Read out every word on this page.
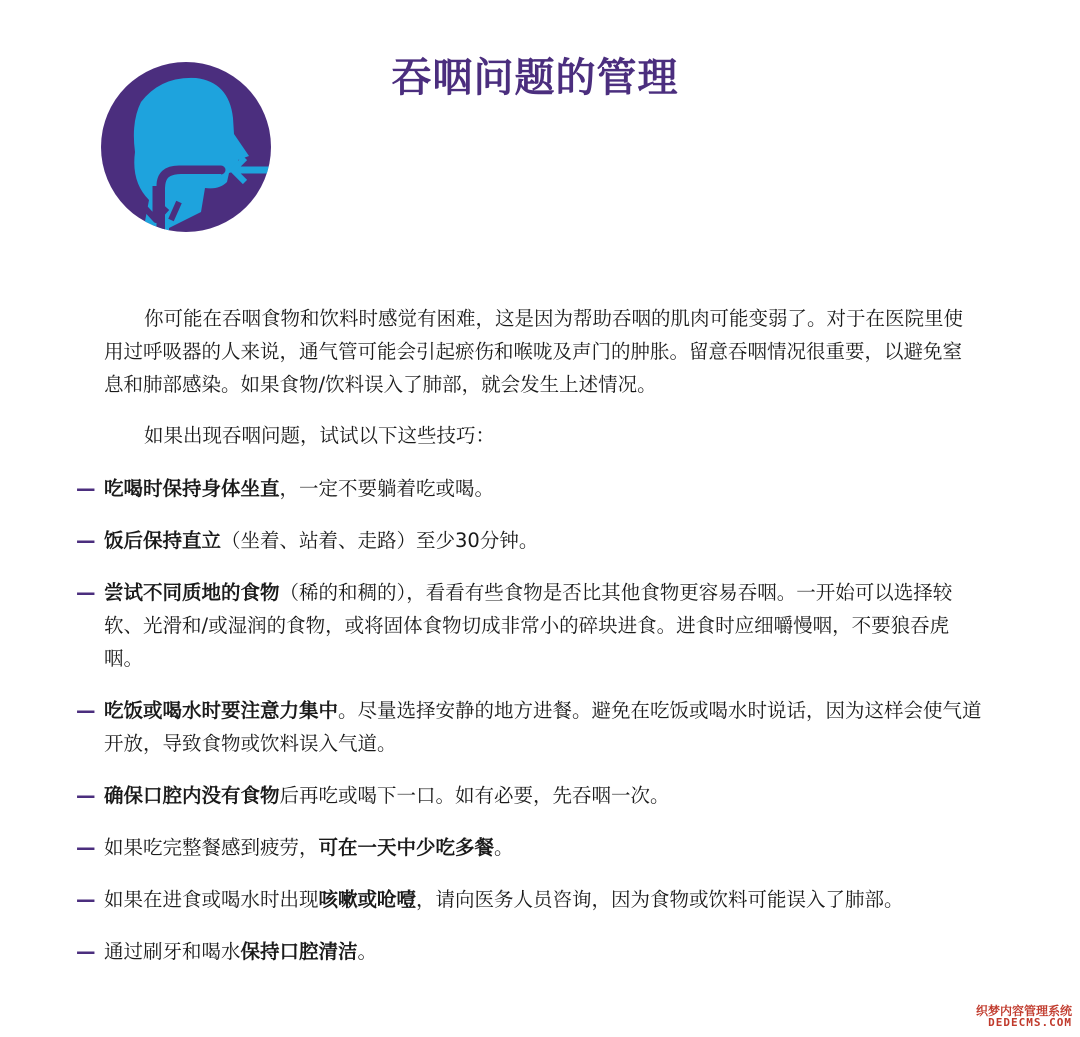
吞咽问题的管理

你可能在吞咽食物和饮料时感觉有困难，这是因为帮助吞咽的肌肉可能变弱了。对于在医院里使用过呼吸器的人来说，通气管可能会引起瘀伤和喉咙及声门的肿胀。留意吞咽情况很重要，以避免窒息和肺部感染。如果食物/饮料误入了肺部，就会发生上述情况。

如果出现吞咽问题，试试以下这些技巧：

— 吃喝时保持身体坐直，一定不要躺着吃或喝。
— 饭后保持直立（坐着、站着、走路）至少30分钟。
— 尝试不同质地的食物（稀的和稠的），看看有些食物是否比其他食物更容易吞咽。一开始可以选择较软、光滑和/或湿润的食物，或将固体食物切成非常小的碎块进食。进食时应细嚼慢咽，不要狼吞虎咽。
— 吃饭或喝水时要注意力集中。尽量选择安静的地方进餐。避免在吃饭或喝水时说话，因为这样会使气道开放，导致食物或饮料误入气道。
— 确保口腔内没有食物后再吃或喝下一口。如有必要，先吞咽一次。
— 如果吃完整餐感到疲劳，可在一天中少吃多餐。
— 如果在进食或喝水时出现咳嗽或呛噎，请向医务人员咨询，因为食物或饮料可能误入了肺部。
— 通过刷牙和喝水保持口腔清洁。
织梦内容管理系统
DEDECMS.COM
